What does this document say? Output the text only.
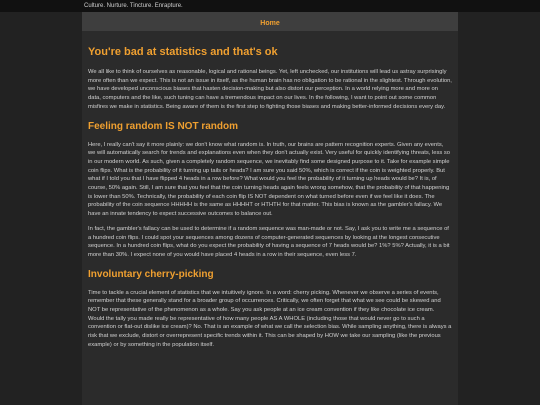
Culture. Nurture. Tincture. Enrapture.
Home
You're bad at statistics and that's ok

We all like to think of ourselves as reasonable, logical and rational beings. Yet, left unchecked, our institutions will lead us astray surprisingly more often than we expect. This is not an issue in itself, as the human brain has no obligation to be rational in the slightest. Through evolution, we have developed unconscious biases that hasten decision-making but also distort our perception. In a world relying more and more on data, computers and the like, such tuning can have a tremendous impact on our lives. In the following, I want to point out some common misfires we make in statistics. Being aware of them is the first step to fighting those biases and making better-informed decisions every day.

Feeling random IS NOT random

Here, I really can't say it more plainly: we don't know what random is. In truth, our brains are pattern recognition experts. Given any events, we will automatically search for trends and explanations even when they don't actually exist. Very useful for quickly identifying threats, less so in our modern world. As such, given a completely random sequence, we inevitably find some designed purpose to it. Take for example simple coin flips. What is the probability of it turning up tails or heads? I am sure you said 50%, which is correct if the coin is weighted properly. But what if I told you that I have flipped 4 heads in a row before? What would you feel the probability of it turning up heads would be? It is, of course, 50% again. Still, I am sure that you feel that the coin turning heads again feels wrong somehow, that the probability of that happening is lower than 50%. Technically, the probability of each coin flip IS NOT dependent on what turned before even if we feel like it does. The probability of the coin sequence HHHHH is the same as HHHHT or HTHTH for that matter. This bias is known as the gambler's fallacy. We have an innate tendency to expect successive outcomes to balance out.

In fact, the gambler's fallacy can be used to determine if a random sequence was man-made or not. Say, I ask you to write me a sequence of a hundred coin flips. I could spot your sequences among dozens of computer-generated sequences by looking at the longest consecutive sequence. In a hundred coin flips, what do you expect the probability of having a sequence of 7 heads would be? 1%? 5%? Actually, it is a bit more than 30%. I expect none of you would have placed 4 heads in a row in their sequence, even less 7.

Involuntary cherry-picking

Time to tackle a crucial element of statistics that we intuitively ignore. In a word: cherry picking. Whenever we observe a series of events, remember that these generally stand for a broader group of occurrences. Critically, we often forget that what we see could be skewed and NOT be representative of the phenomenon as a whole. Say you ask people at an ice cream convention if they like chocolate ice cream. Would the tally you made really be representative of how many people AS A WHOLE (including those that would never go to such a convention or flat-out dislike ice cream)? No. That is an example of what we call the selection bias. While sampling anything, there is always a risk that we exclude, distort or overrepresent specific trends within it. This can be shaped by HOW we take our sampling (like the previous example) or by something in the population itself.
